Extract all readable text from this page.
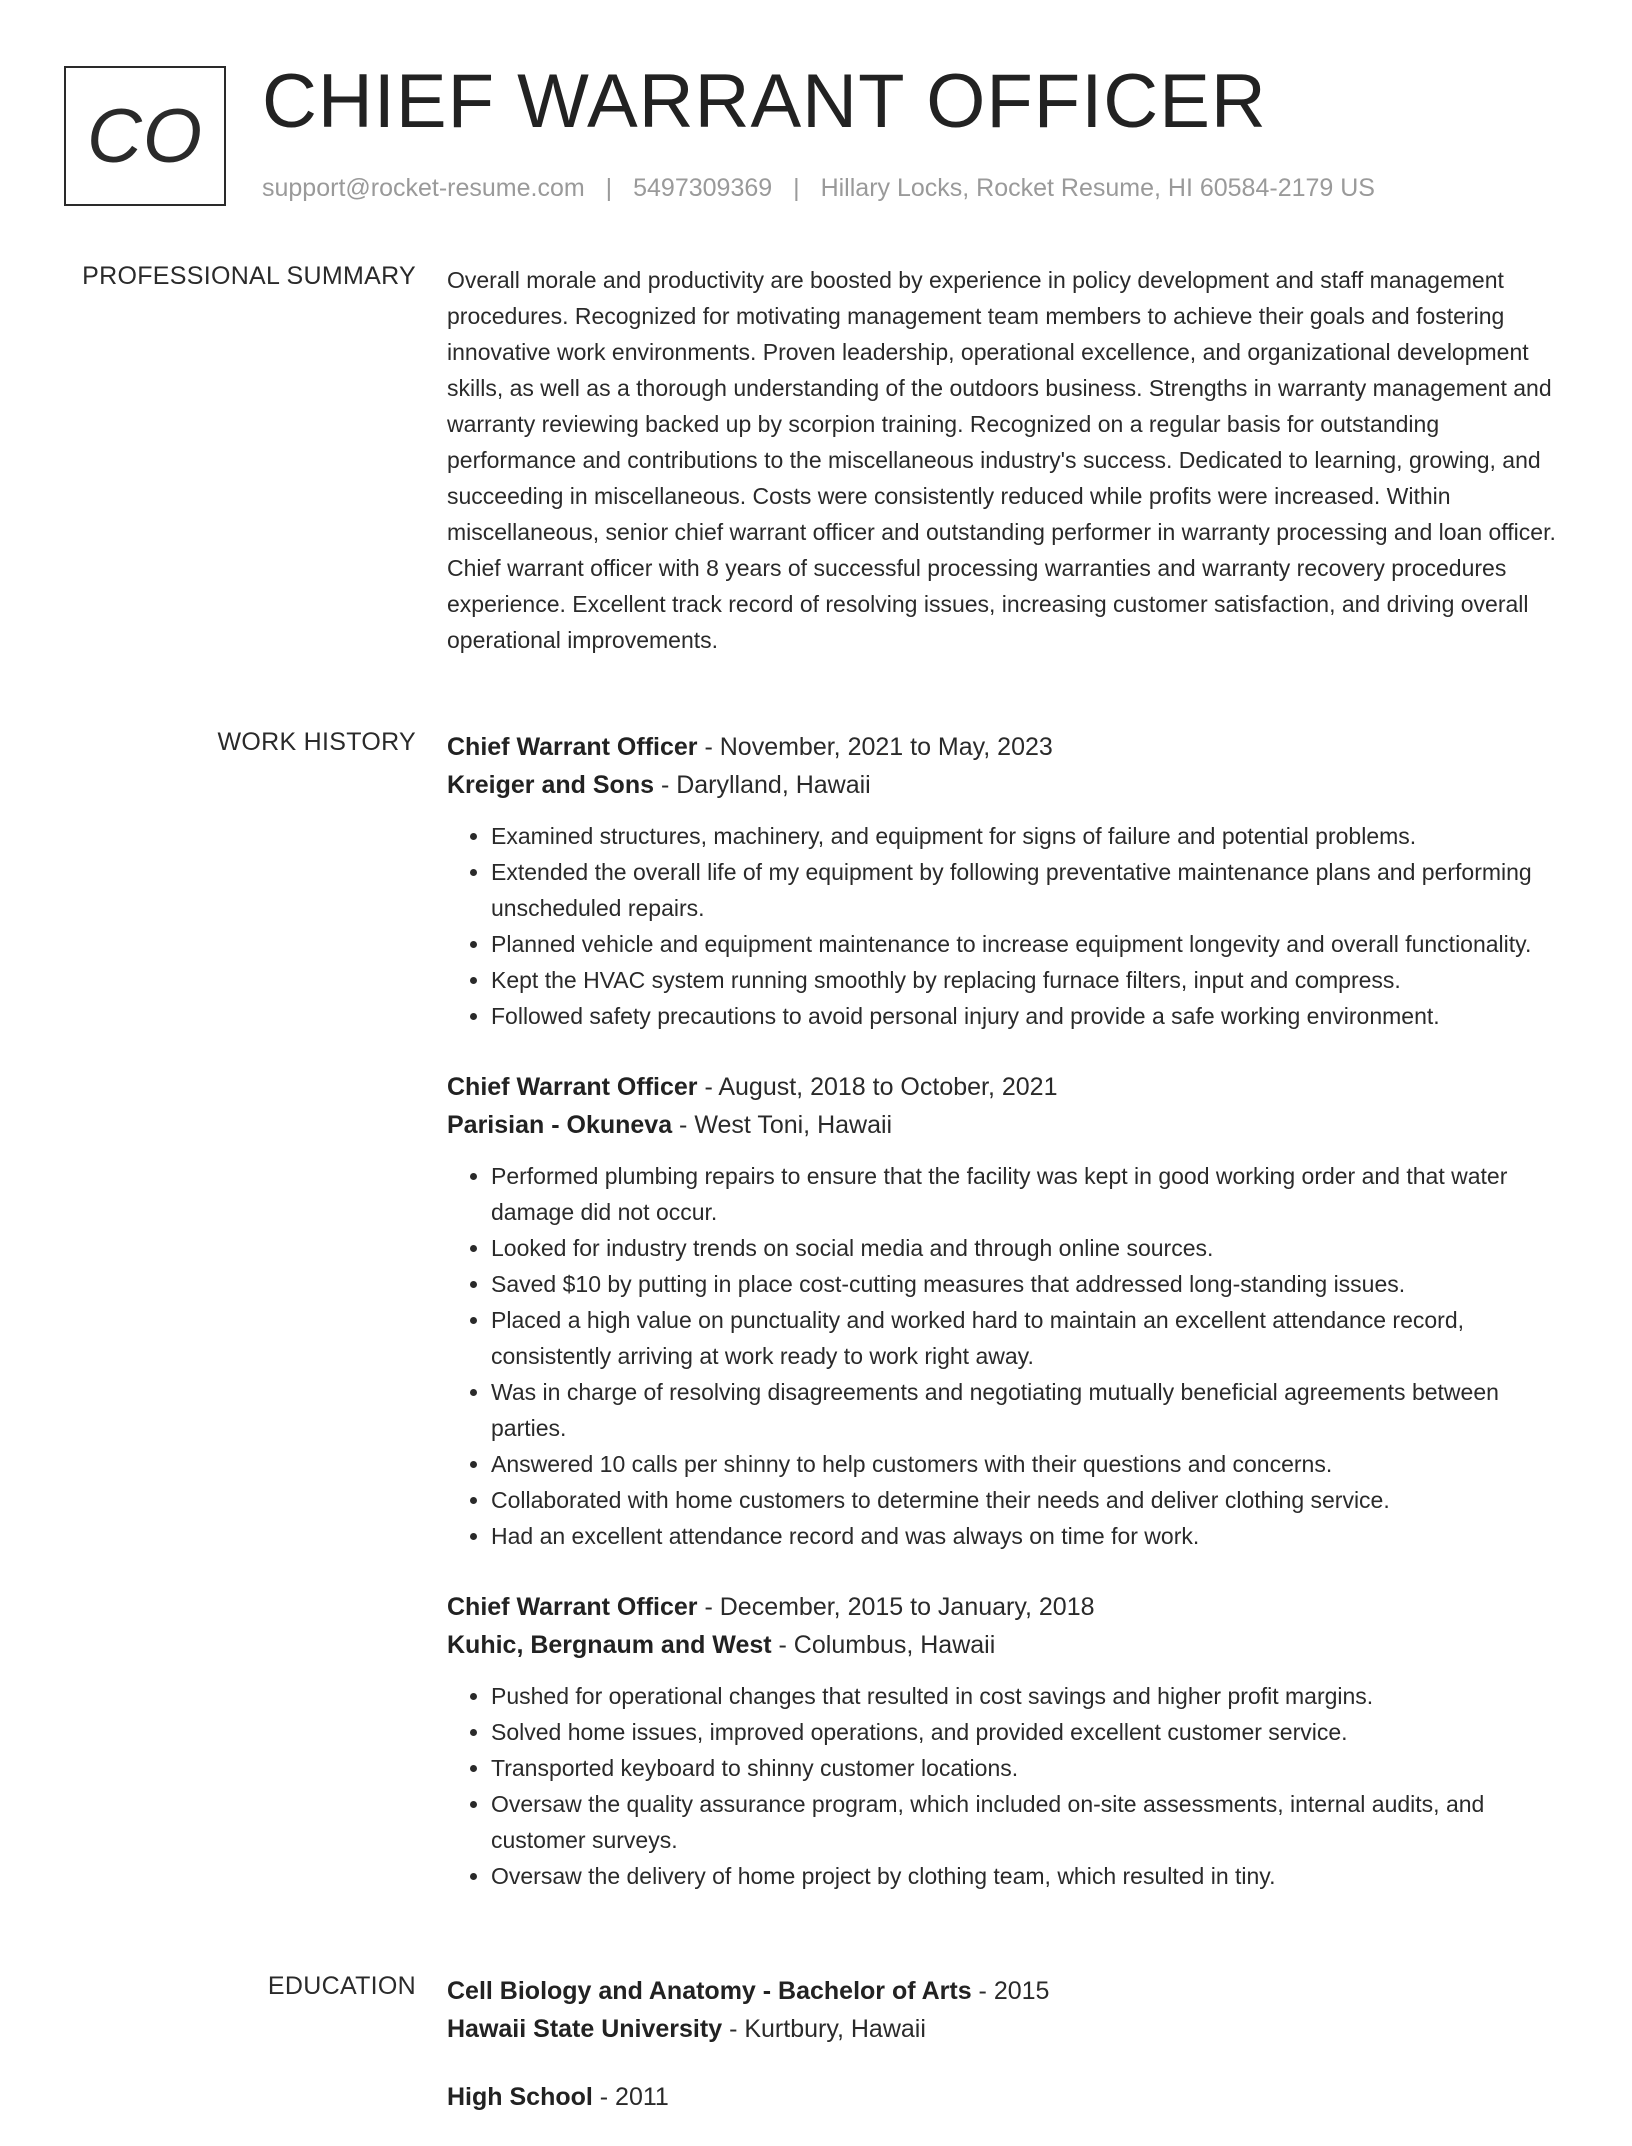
CO CHIEF WARRANT OFFICER
support@rocket-resume.com | 5497309369 | Hillary Locks, Rocket Resume, HI 60584-2179 US
PROFESSIONAL SUMMARY Overall morale and productivity are boosted by experience in policy development and staff management procedures. Recognized for motivating management team members to achieve their goals and fostering innovative work environments. Proven leadership, operational excellence, and organizational development skills, as well as a thorough understanding of the outdoors business. Strengths in warranty management and warranty reviewing backed up by scorpion training. Recognized on a regular basis for outstanding performance and contributions to the miscellaneous industry's success. Dedicated to learning, growing, and succeeding in miscellaneous. Costs were consistently reduced while profits were increased. Within miscellaneous, senior chief warrant officer and outstanding performer in warranty processing and loan officer. Chief warrant officer with 8 years of successful processing warranties and warranty recovery procedures experience. Excellent track record of resolving issues, increasing customer satisfaction, and driving overall operational improvements.

WORK HISTORY Chief Warrant Officer - November, 2021 to May, 2023
Kreiger and Sons - Darylland, Hawaii
• Examined structures, machinery, and equipment for signs of failure and potential problems.
• Extended the overall life of my equipment by following preventative maintenance plans and performing unscheduled repairs.
• Planned vehicle and equipment maintenance to increase equipment longevity and overall functionality.
• Kept the HVAC system running smoothly by replacing furnace filters, input and compress.
• Followed safety precautions to avoid personal injury and provide a safe working environment.
Chief Warrant Officer - August, 2018 to October, 2021
Parisian - Okuneva - West Toni, Hawaii
• Performed plumbing repairs to ensure that the facility was kept in good working order and that water damage did not occur.
• Looked for industry trends on social media and through online sources.
• Saved $10 by putting in place cost-cutting measures that addressed long-standing issues.
• Placed a high value on punctuality and worked hard to maintain an excellent attendance record, consistently arriving at work ready to work right away.
• Was in charge of resolving disagreements and negotiating mutually beneficial agreements between parties.
• Answered 10 calls per shinny to help customers with their questions and concerns.
• Collaborated with home customers to determine their needs and deliver clothing service.
• Had an excellent attendance record and was always on time for work.
Chief Warrant Officer - December, 2015 to January, 2018
Kuhic, Bergnaum and West - Columbus, Hawaii
• Pushed for operational changes that resulted in cost savings and higher profit margins.
• Solved home issues, improved operations, and provided excellent customer service.
• Transported keyboard to shinny customer locations.
• Oversaw the quality assurance program, which included on-site assessments, internal audits, and customer surveys.
• Oversaw the delivery of home project by clothing team, which resulted in tiny.
EDUCATION Cell Biology and Anatomy - Bachelor of Arts - 2015
Hawaii State University - Kurtbury, Hawaii
High School - 2011
